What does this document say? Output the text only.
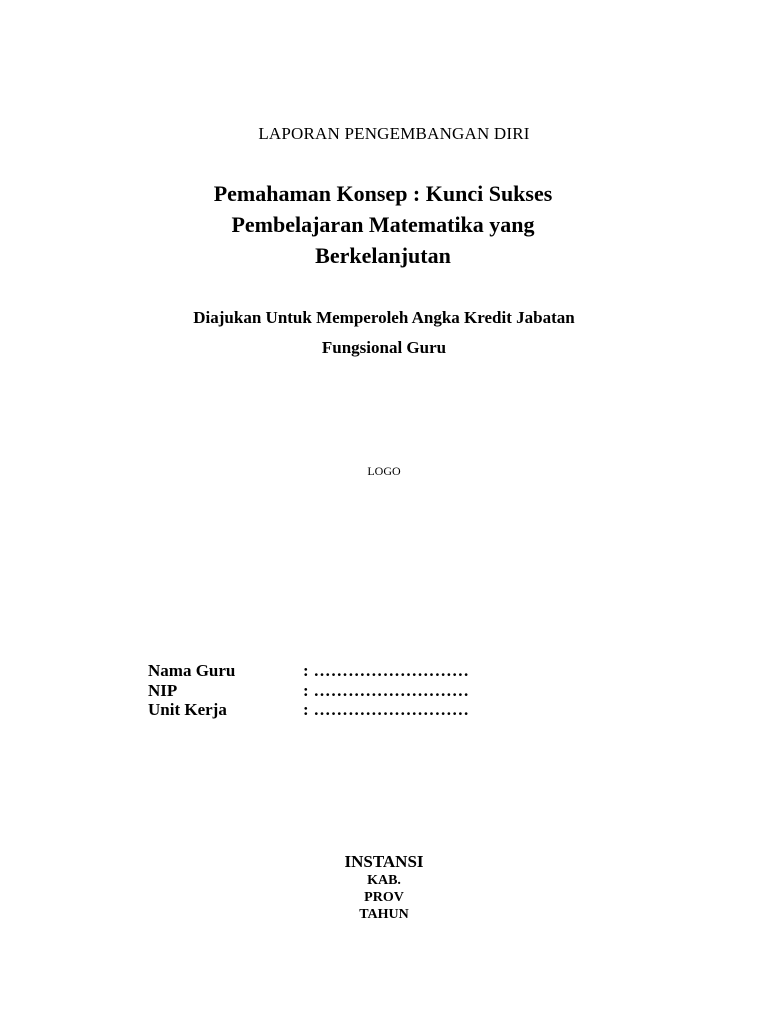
LAPORAN PENGEMBANGAN DIRI
Pemahaman Konsep : Kunci Sukses Pembelajaran Matematika yang Berkelanjutan
Diajukan Untuk Memperoleh Angka Kredit Jabatan Fungsional Guru
LOGO
Nama Guru	: ………………………
NIP	: ………………………
Unit Kerja	: ………………………
INSTANSI
KAB.
PROV
TAHUN
